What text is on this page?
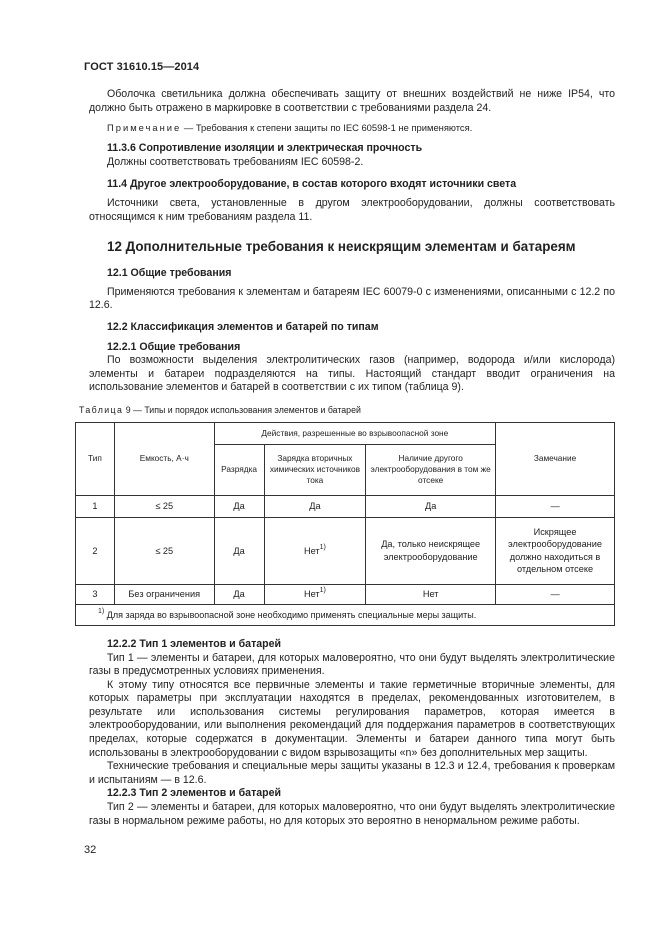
ГОСТ 31610.15—2014

Оболочка светильника должна обеспечивать защиту от внешних воздействий не ниже IP54, что должно быть отражено в маркировке в соответствии с требованиями раздела 24.

Примечание — Требования к степени защиты по IEC 60598-1 не применяются.

11.3.6 Сопротивление изоляции и электрическая прочность

Должны соответствовать требованиям IEC 60598-2.

11.4 Другое электрооборудование, в состав которого входят источники света

Источники света, установленные в другом электрооборудовании, должны соответствовать относящимся к ним требованиям раздела 11.

12 Дополнительные требования к неискрящим элементам и батареям
12.1 Общие требования

Применяются требования к элементам и батареям IEC 60079-0 с изменениями, описанными с 12.2 по 12.6.

12.2 Классификация элементов и батарей по типам
12.2.1 Общие требования

По возможности выделения электролитических газов (например, водорода и/или кислорода) элементы и батареи подразделяются на типы. Настоящий стандарт вводит ограничения на использование элементов и батарей в соответствии с их типом (таблица 9).

Таблица 9 — Типы и порядок использования элементов и батарей

Тип	Емкость, А·ч	Действия, разрешенные во взрывоопасной зоне			Замечание
		Разрядка	Зарядка вторичных химических источников тока	Наличие другого электрооборудования в том же отсеке	
1	≤ 25	Да	Да	Да	—
2	≤ 25	Да	Нет$^{1)}$	Да, только неискрящее электрооборудование	Искрящее электрооборудование должно находиться в отдельном отсеке
3	Без ограничения	Да	Нет$^{1)}$	Нет	—
$^{1)}$ Для заряда во взрывоопасной зоне необходимо применять специальные меры защиты.					
12.2.2 Тип 1 элементов и батарей

Тип 1 — элементы и батареи, для которых маловероятно, что они будут выделять электролитические газы в предусмотренных условиях применения.

К этому типу относятся все первичные элементы и такие герметичные вторичные элементы, для которых параметры при эксплуатации находятся в пределах, рекомендованных изготовителем, в результате или использования системы регулирования параметров, которая имеется в электрооборудовании, или выполнения рекомендаций для поддержания параметров в соответствующих пределах, которые содержатся в документации. Элементы и батареи данного типа могут быть использованы в электрооборудовании с видом взрывозащиты «n» без дополнительных мер защиты.

Технические требования и специальные меры защиты указаны в 12.3 и 12.4, требования к проверкам и испытаниям — в 12.6.

12.2.3 Тип 2 элементов и батарей

Тип 2 — элементы и батареи, для которых маловероятно, что они будут выделять электролитические газы в нормальном режиме работы, но для которых это вероятно в ненормальном режиме работы.

32
